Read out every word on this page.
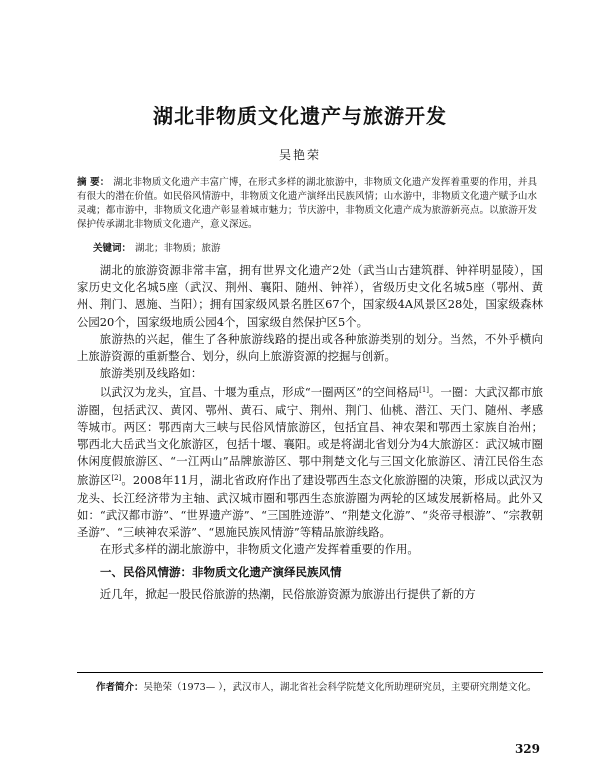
湖北非物质文化遗产与旅游开发
吴艳荣
摘 要： 湖北非物质文化遗产丰富广博，在形式多样的湖北旅游中，非物质文化遗产发挥着重要的作用，并具有很大的潜在价值。如民俗风情游中，非物质文化遗产演绎出民族风情；山水游中，非物质文化遗产赋予山水灵魂；都市游中，非物质文化遗产彰显着城市魅力；节庆游中，非物质文化遗产成为旅游新亮点。以旅游开发保护传承湖北非物质文化遗产，意义深远。
关键词： 湖北；非物质；旅游

湖北的旅游资源非常丰富，拥有世界文化遗产2处（武当山古建筑群、钟祥明显陵），国家历史文化名城5座（武汉、荆州、襄阳、随州、钟祥），省级历史文化名城5座（鄂州、黄州、荆门、恩施、当阳）；拥有国家级风景名胜区67个，国家级4A风景区28处，国家级森林公园20个，国家级地质公园4个，国家级自然保护区5个。

旅游热的兴起，催生了各种旅游线路的提出或各种旅游类别的划分。当然，不外乎横向上旅游资源的重新整合、划分，纵向上旅游资源的挖掘与创新。

旅游类别及线路如：

以武汉为龙头，宜昌、十堰为重点，形成“一圈两区”的空间格局[1]。一圈：大武汉都市旅游圈，包括武汉、黄冈、鄂州、黄石、咸宁、荆州、荆门、仙桃、潜江、天门、随州、孝感等城市。两区：鄂西南大三峡与民俗风情旅游区，包括宜昌、神农架和鄂西土家族自治州；鄂西北大岳武当文化旅游区，包括十堰、襄阳。或是将湖北省划分为4大旅游区：武汉城市圈休闲度假旅游区、“一江两山”品牌旅游区、鄂中荆楚文化与三国文化旅游区、清江民俗生态旅游区[2]。2008年11月，湖北省政府作出了建设鄂西生态文化旅游圈的决策，形成以武汉为龙头、长江经济带为主轴、武汉城市圈和鄂西生态旅游圈为两轮的区域发展新格局。此外又如：“武汉都市游”、“世界遗产游”、“三国胜迹游”、“荆楚文化游”、“炎帝寻根游”、“宗教朝圣游”、“三峡神农采游”、“恩施民族风情游”等精品旅游线路。

在形式多样的湖北旅游中，非物质文化遗产发挥着重要的作用。

一、民俗风情游：非物质文化遗产演绎民族风情

近几年，掀起一股民俗旅游的热潮，民俗旅游资源为旅游出行提供了新的方

作者简介：吴艳荣（1973— ），武汉市人，湖北省社会科学院楚文化所助理研究员，主要研究荆楚文化。
329
